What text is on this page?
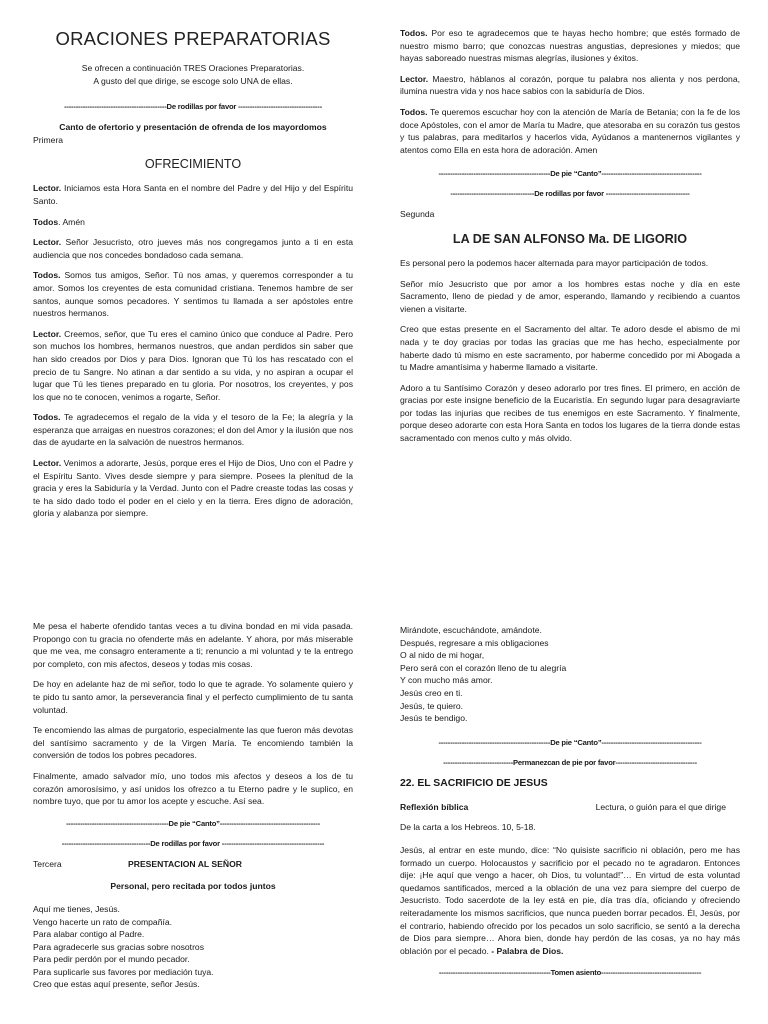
ORACIONES PREPARATORIAS

Se ofrecen a continuación TRES Oraciones Preparatorias.

A gusto del que dirige, se escoge solo UNA de ellas.

--------------------------------------------De rodillas por favor ------------------------------------

Canto de ofertorio y presentación de ofrenda de los mayordomos

Primera

OFRECIMIENTO

Lector. Iniciamos esta Hora Santa en el nombre del Padre y del Hijo y del Espíritu Santo.

Todos. Amén

Lector. Señor Jesucristo, otro jueves más nos congregamos junto a ti en esta audiencia que nos concedes bondadoso cada semana.

Todos. Somos tus amigos, Señor. Tú nos amas, y queremos corresponder a tu amor. Somos los creyentes de esta comunidad cristiana. Tenemos hambre de ser santos, aunque somos pecadores. Y sentimos tu llamada a ser apóstoles entre nuestros hermanos.

Lector. Creemos, señor, que Tu eres el camino único que conduce al Padre. Pero son muchos los hombres, hermanos nuestros, que andan perdidos sin saber que han sido creados por Dios y para Dios. Ignoran que Tú los has rescatado con el precio de tu Sangre. No atinan a dar sentido a su vida, y no aspiran a ocupar el lugar que Tú les tienes preparado en tu gloria. Por nosotros, los creyentes, y pos los que no te conocen, venimos a rogarte, Señor.

Todos. Te agradecemos el regalo de la vida y el tesoro de la Fe; la alegría y la esperanza que arraigas en nuestros corazones; el don del Amor y la ilusión que nos das de ayudarte en la salvación de nuestros hermanos.

Lector. Venimos a adorarte, Jesús, porque eres el Hijo de Dios, Uno con el Padre y el Espíritu Santo. Vives desde siempre y para siempre. Posees la plenitud de la gracia y eres la Sabiduría y la Verdad. Junto con el Padre creaste todas las cosas y te ha sido dado todo el poder en el cielo y en la tierra. Eres digno de adoración, gloria y alabanza por siempre.

Todos. Por eso te agradecemos que te hayas hecho hombre; que estés formado de nuestro mismo barro; que conozcas nuestras angustias, depresiones y miedos; que hayas saboreado nuestras mismas alegrías, ilusiones y éxitos.

Lector. Maestro, háblanos al corazón, porque tu palabra nos alienta y nos perdona, ilumina nuestra vida y nos hace sabios con la sabiduría de Dios.

Todos. Te queremos escuchar hoy con la atención de María de Betania; con la fe de los doce Apóstoles, con el amor de María tu Madre, que atesoraba en su corazón tus gestos y tus palabras, para meditarlos y hacerlos vida, Ayúdanos a mantenernos vigilantes y atentos como Ella en esta hora de adoración. Amen

------------------------------------------------De pie “Canto”-------------------------------------------
------------------------------------De rodillas por favor ------------------------------------

Segunda

LA DE SAN ALFONSO Ma. DE LIGORIO

Es personal pero la podemos hacer alternada para mayor participación de todos.

Señor mío Jesucristo que por amor a los hombres estas noche y día en este Sacramento, lleno de piedad y de amor, esperando, llamando y recibiendo a cuantos vienen a visitarte.

Creo que estas presente en el Sacramento del altar. Te adoro desde el abismo de mi nada y te doy gracias por todas las gracias que me has hecho, especialmente por haberte dado tú mismo en este sacramento, por haberme concedido por mi Abogada a tu Madre amantísima y haberme llamado a visitarte.

Adoro a tu Santísimo Corazón y deseo adorarlo por tres fines. El primero, en acción de gracias por este insigne beneficio de la Eucaristía. En segundo lugar para desagraviarte por todas las injurias que recibes de tus enemigos en este Sacramento. Y finalmente, porque deseo adorarte con esta Hora Santa en todos los lugares de la tierra donde estas sacramentado con menos culto y más olvido.

Me pesa el haberte ofendido tantas veces a tu divina bondad en mi vida pasada. Propongo con tu gracia no ofenderte más en adelante. Y ahora, por más miserable que me vea, me consagro enteramente a ti; renuncio a mi voluntad y te la entrego por completo, con mis afectos, deseos y todas mis cosas.

De hoy en adelante haz de mi señor, todo lo que te agrade. Yo solamente quiero y te pido tu santo amor, la perseverancia final y el perfecto cumplimiento de tu santa voluntad.

Te encomiendo las almas de purgatorio, especialmente las que fueron más devotas del santísimo sacramento y de la Virgen María. Te encomiendo también la conversión de todos los pobres pecadores.

Finalmente, amado salvador mío, uno todos mis afectos y deseos a los de tu corazón amorosísimo, y así unidos los ofrezco a tu Eterno padre y le suplico, en nombre tuyo, que por tu amor los acepte y escuche. Así sea.

--------------------------------------------De pie “Canto”-------------------------------------------
--------------------------------------De rodillas por favor --------------------------------------------
Tercera	PRESENTACION AL SEÑOR

Personal, pero recitada por todos juntos

Aquí me tienes, Jesús.

Vengo hacerte un rato de compañía.

Para alabar contigo al Padre.

Para agradecerle sus gracias sobre nosotros

Para pedir perdón por el mundo pecador.

Para suplicarle sus favores por mediación tuya.

Creo que estas aquí presente, señor Jesús.

Mirándote, escuchándote, amándote.

Después, regresare a mis obligaciones

O al nido de mi hogar,

Pero será con el corazón lleno de tu alegría

Y con mucho más amor.

Jesús creo en ti.

Jesús, te quiero.

Jesús te bendigo.

------------------------------------------------De pie “Canto”-------------------------------------------
------------------------------Permanezcan de pie por favor-----------------------------------
22. EL SACRIFICIO DE JESUS
Reflexión bíblica	Lectura, o guión para el que dirige

De la carta a los Hebreos. 10, 5-18.

Jesús, al entrar en este mundo, dice: “No quisiste sacrificio ni oblación, pero me has formado un cuerpo. Holocaustos y sacrificio por el pecado no te agradaron. Entonces dije: ¡He aquí que vengo a hacer, oh Dios, tu voluntad!”… En virtud de esta voluntad quedamos santificados, merced a la oblación de una vez para siempre del cuerpo de Jesucristo. Todo sacerdote de la ley está en pie, día tras día, oficiando y ofreciendo reiteradamente los mismos sacrificios, que nunca pueden borrar pecados. Él, Jesús, por el contrario, habiendo ofrecido por los pecados un solo sacrificio, se sentó a la derecha de Dios para siempre… Ahora bien, donde hay perdón de las cosas, ya no hay más oblación por el pecado. - Palabra de Dios.

------------------------------------------------Tomen asiento-------------------------------------------
